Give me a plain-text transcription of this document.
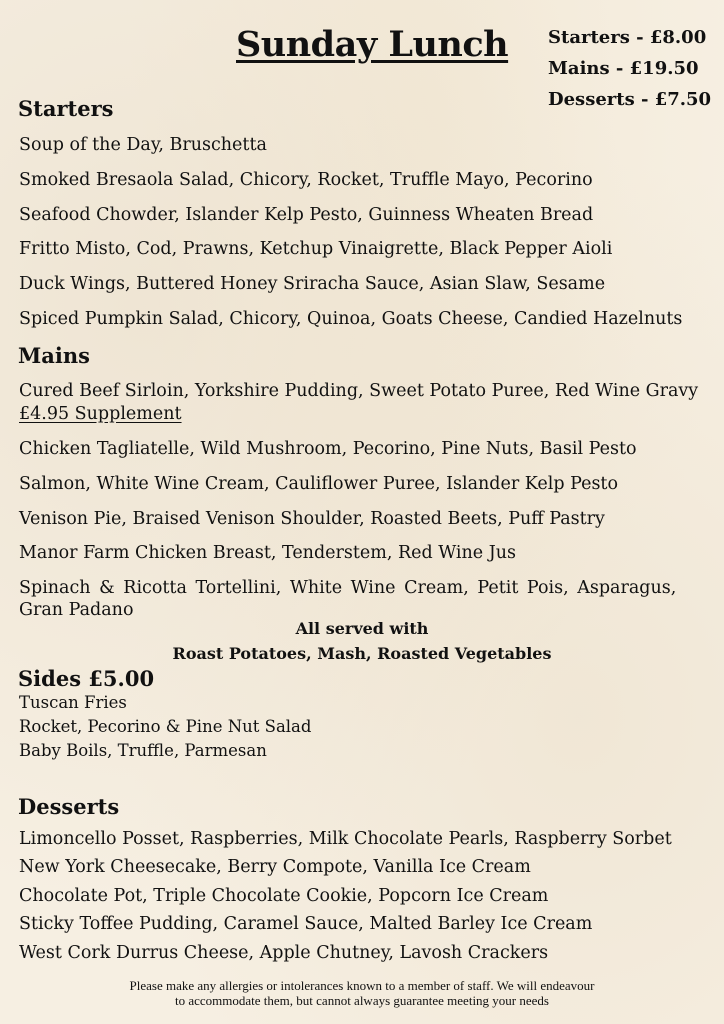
Sunday Lunch Starters - £8.00
Mains - £19.50
Desserts - £7.50
Starters
Soup of the Day, Bruschetta
Smoked Bresaola Salad, Chicory, Rocket, Truffle Mayo, Pecorino
Seafood Chowder, Islander Kelp Pesto, Guinness Wheaten Bread
Fritto Misto, Cod, Prawns, Ketchup Vinaigrette, Black Pepper Aioli
Duck Wings, Buttered Honey Sriracha Sauce, Asian Slaw, Sesame
Spiced Pumpkin Salad, Chicory, Quinoa, Goats Cheese, Candied Hazelnuts
Mains
Cured Beef Sirloin, Yorkshire Pudding, Sweet Potato Puree, Red Wine Gravy
£4.95 Supplement
Chicken Tagliatelle, Wild Mushroom, Pecorino, Pine Nuts, Basil Pesto
Salmon, White Wine Cream, Cauliflower Puree, Islander Kelp Pesto
Venison Pie, Braised Venison Shoulder, Roasted Beets, Puff Pastry
Manor Farm Chicken Breast, Tenderstem, Red Wine Jus
Spinach & Ricotta Tortellini, White Wine Cream, Petit Pois, Asparagus,
Gran Padano
All served with
Roast Potatoes, Mash, Roasted Vegetables
Sides £5.00
Tuscan Fries
Rocket, Pecorino & Pine Nut Salad
Baby Boils, Truffle, Parmesan
Desserts
Limoncello Posset, Raspberries, Milk Chocolate Pearls, Raspberry Sorbet
New York Cheesecake, Berry Compote, Vanilla Ice Cream
Chocolate Pot, Triple Chocolate Cookie, Popcorn Ice Cream
Sticky Toffee Pudding, Caramel Sauce, Malted Barley Ice Cream
West Cork Durrus Cheese, Apple Chutney, Lavosh Crackers
Please make any allergies or intolerances known to a member of staff. We will endeavour
to accommodate them, but cannot always guarantee meeting your needs
